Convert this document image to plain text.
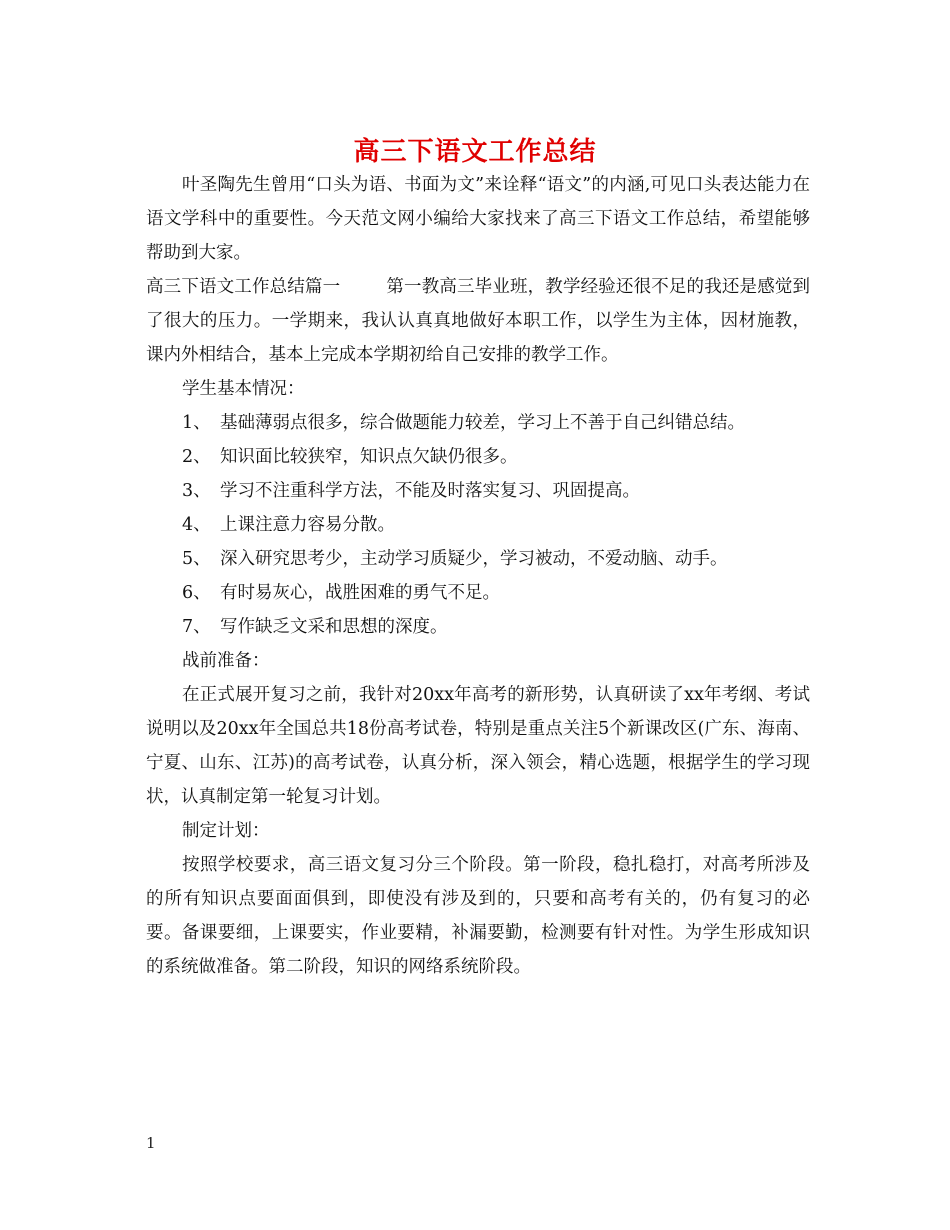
高三下语文工作总结

叶圣陶先生曾用“口头为语、书面为文”来诠释“语文”的内涵,可见口头表达能力在语文学科中的重要性。今天范文网小编给大家找来了高三下语文工作总结，希望能够帮助到大家。

高三下语文工作总结篇一	第一教高三毕业班，教学经验还很不足的我还是感觉到了很大的压力。一学期来，我认认真真地做好本职工作，以学生为主体，因材施教，课内外相结合，基本上完成本学期初给自己安排的教学工作。

学生基本情况：

1、 基础薄弱点很多，综合做题能力较差，学习上不善于自己纠错总结。
2、 知识面比较狭窄，知识点欠缺仍很多。
3、 学习不注重科学方法，不能及时落实复习、巩固提高。
4、 上课注意力容易分散。
5、 深入研究思考少，主动学习质疑少，学习被动，不爱动脑、动手。
6、 有时易灰心，战胜困难的勇气不足。
7、 写作缺乏文采和思想的深度。

战前准备：

在正式展开复习之前，我针对20xx年高考的新形势，认真研读了xx年考纲、考试说明以及20xx年全国总共18份高考试卷，特别是重点关注5个新课改区(广东、海南、宁夏、山东、江苏)的高考试卷，认真分析，深入领会，精心选题，根据学生的学习现状，认真制定第一轮复习计划。

制定计划：

按照学校要求，高三语文复习分三个阶段。第一阶段，稳扎稳打，对高考所涉及的所有知识点要面面俱到，即使没有涉及到的，只要和高考有关的，仍有复习的必要。备课要细，上课要实，作业要精，补漏要勤，检测要有针对性。为学生形成知识的系统做准备。第二阶段，知识的网络系统阶段。

1
